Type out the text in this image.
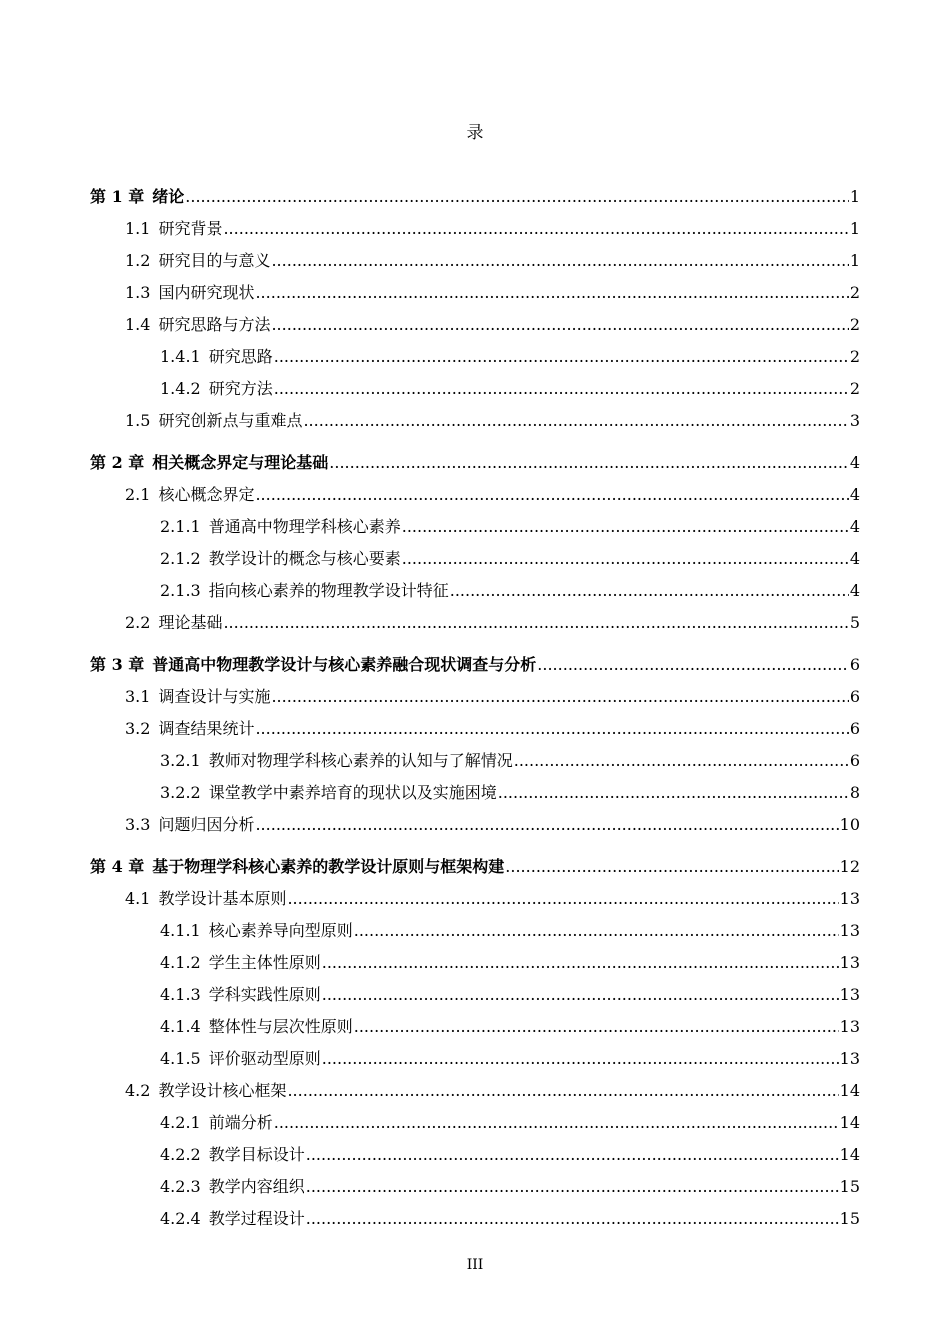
录
第 1 章 绪论 .....	1
1.1 研究背景 .....	1
1.2 研究目的与意义 .....	1
1.3 国内研究现状 .....	2
1.4 研究思路与方法 .....	2
1.4.1 研究思路 .....	2
1.4.2 研究方法 .....	2
1.5 研究创新点与重难点 .....	3
第 2 章 相关概念界定与理论基础 .....	4
2.1 核心概念界定 .....	4
2.1.1 普通高中物理学科核心素养 .....	4
2.1.2 教学设计的概念与核心要素 .....	4
2.1.3 指向核心素养的物理教学设计特征 .....	4
2.2 理论基础 .....	5
第 3 章 普通高中物理教学设计与核心素养融合现状调查与分析 .....	6
3.1 调查设计与实施 .....	6
3.2 调查结果统计 .....	6
3.2.1 教师对物理学科核心素养的认知与了解情况 .....	6
3.2.2 课堂教学中素养培育的现状以及实施困境 .....	8
3.3 问题归因分析 .....	10
第 4 章 基于物理学科核心素养的教学设计原则与框架构建 .....	12
4.1 教学设计基本原则 .....	13
4.1.1 核心素养导向型原则 .....	13
4.1.2 学生主体性原则 .....	13
4.1.3 学科实践性原则 .....	13
4.1.4 整体性与层次性原则 .....	13
4.1.5 评价驱动型原则 .....	13
4.2 教学设计核心框架 .....	14
4.2.1 前端分析 .....	14
4.2.2 教学目标设计 .....	14
4.2.3 教学内容组织 .....	15
4.2.4 教学过程设计 .....	15
III
